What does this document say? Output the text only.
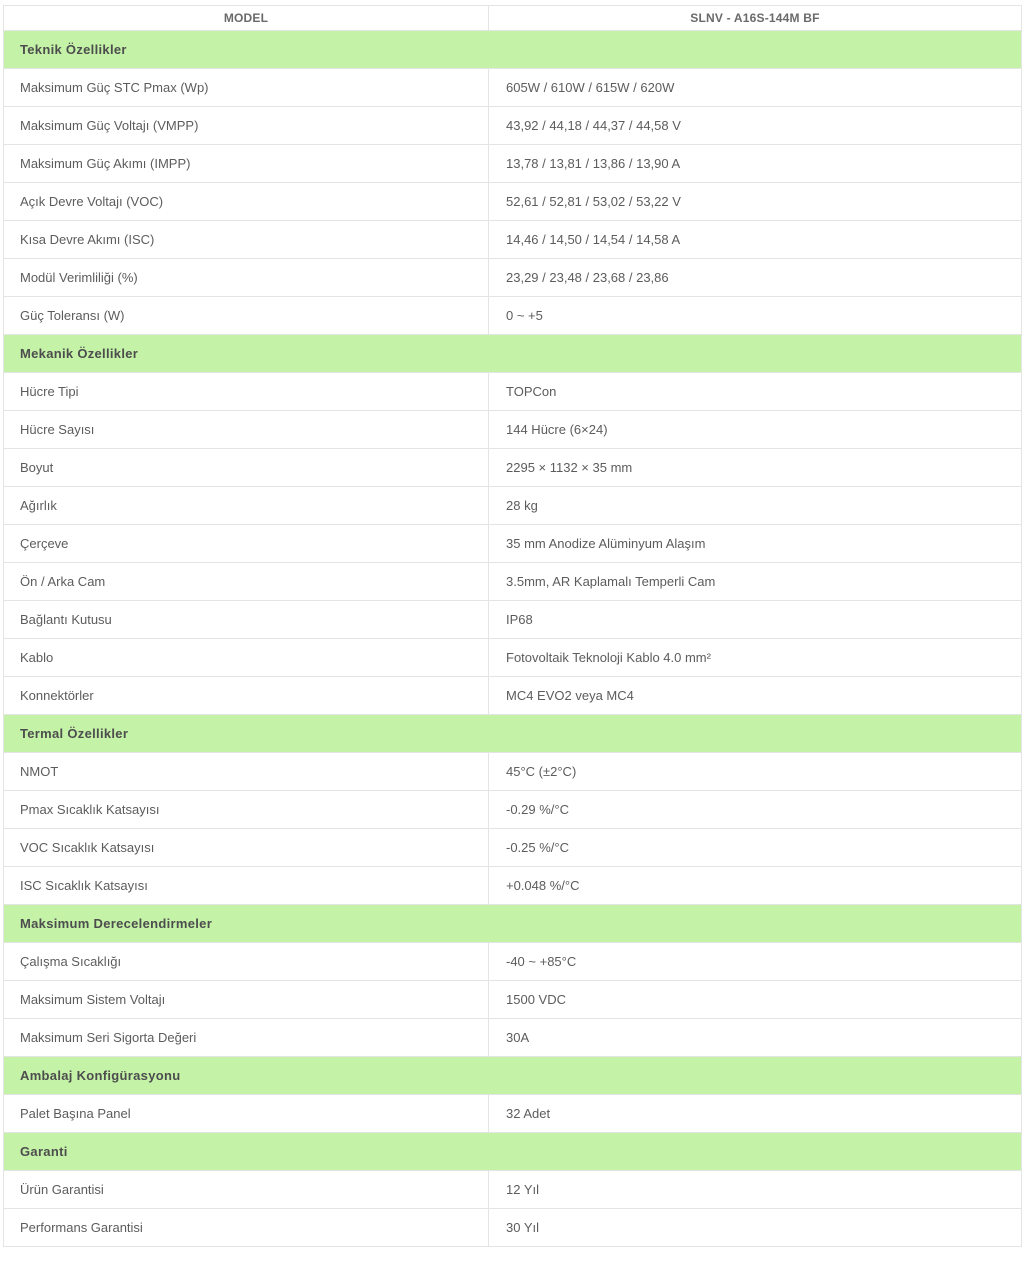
MODEL	SLNV - A16S-144M BF
Teknik Özellikler	
Maksimum Güç STC Pmax (Wp)	605W / 610W / 615W / 620W
Maksimum Güç Voltajı (VMPP)	43,92 / 44,18 / 44,37 / 44,58 V
Maksimum Güç Akımı (IMPP)	13,78 / 13,81 / 13,86 / 13,90 A
Açık Devre Voltajı (VOC)	52,61 / 52,81 / 53,02 / 53,22 V
Kısa Devre Akımı (ISC)	14,46 / 14,50 / 14,54 / 14,58 A
Modül Verimliliği (%)	23,29 / 23,48 / 23,68 / 23,86
Güç Toleransı (W)	0 ~ +5
Mekanik Özellikler	
Hücre Tipi	TOPCon
Hücre Sayısı	144 Hücre (6×24)
Boyut	2295 × 1132 × 35 mm
Ağırlık	28 kg
Çerçeve	35 mm Anodize Alüminyum Alaşım
Ön / Arka Cam	3.5mm, AR Kaplamalı Temperli Cam
Bağlantı Kutusu	IP68
Kablo	Fotovoltaik Teknoloji Kablo 4.0 mm²
Konnektörler	MC4 EVO2 veya MC4
Termal Özellikler	
NMOT	45°C (±2°C)
Pmax Sıcaklık Katsayısı	-0.29 %/°C
VOC Sıcaklık Katsayısı	-0.25 %/°C
ISC Sıcaklık Katsayısı	+0.048 %/°C
Maksimum Derecelendirmeler	
Çalışma Sıcaklığı	-40 ~ +85°C
Maksimum Sistem Voltajı	1500 VDC
Maksimum Seri Sigorta Değeri	30A
Ambalaj Konfigürasyonu	
Palet Başına Panel	32 Adet
Garanti	
Ürün Garantisi	12 Yıl
Performans Garantisi	30 Yıl
